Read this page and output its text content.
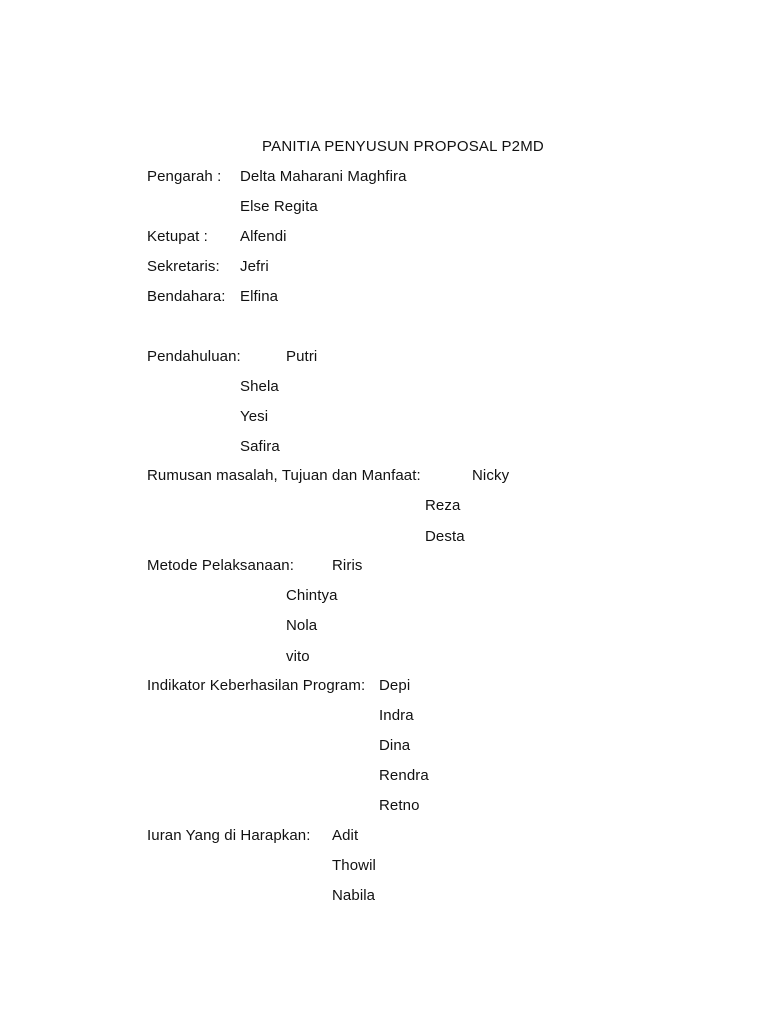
PANITIA PENYUSUN PROPOSAL P2MD
Pengarah : Delta Maharani Maghfira
Else Regita
Ketupat : Alfendi
Sekretaris: Jefri
Bendahara: Elfina
Pendahuluan:	Putri
Shela
Yesi
Safira
Rumusan masalah, Tujuan dan Manfaat:	Nicky
Reza
Desta
Metode Pelaksanaan:	Riris
Chintya
Nola
vito
Indikator Keberhasilan Program: Depi
Indra
Dina
Rendra
Retno
Iuran Yang di Harapkan: Adit
Thowil
Nabila
